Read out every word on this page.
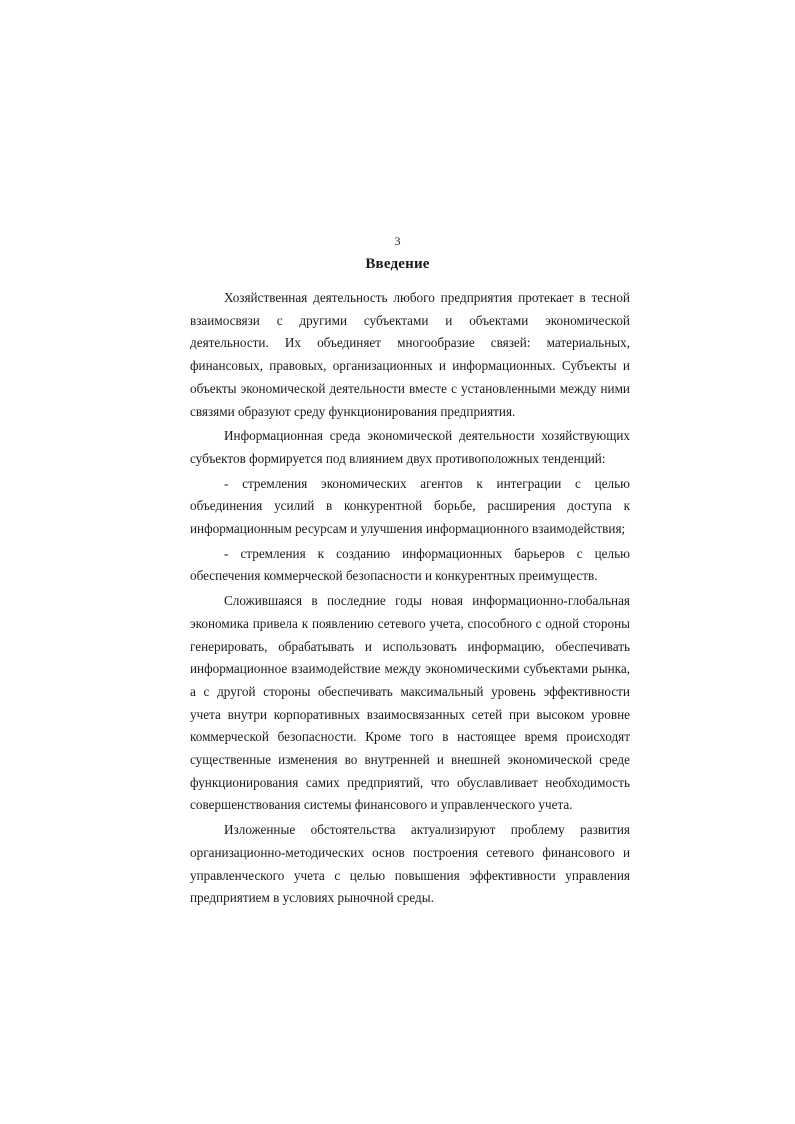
3
Введение

Хозяйственная деятельность любого предприятия протекает в тесной взаимосвязи с другими субъектами и объектами экономической деятельности. Их объединяет многообразие связей: материальных, финансовых, правовых, организационных и информационных. Субъекты и объекты экономической деятельности вместе с установленными между ними связями образуют среду функционирования предприятия.

Информационная среда экономической деятельности хозяйствующих субъектов формируется под влиянием двух противоположных тенденций:

- стремления экономических агентов к интеграции с целью объединения усилий в конкурентной борьбе, расширения доступа к информационным ресурсам и улучшения информационного взаимодействия;

- стремления к созданию информационных барьеров с целью обеспечения коммерческой безопасности и конкурентных преимуществ.

Сложившаяся в последние годы новая информационно-глобальная экономика привела к появлению сетевого учета, способного с одной стороны генерировать, обрабатывать и использовать информацию, обеспечивать информационное взаимодействие между экономическими субъектами рынка, а с другой стороны обеспечивать максимальный уровень эффективности учета внутри корпоративных взаимосвязанных сетей при высоком уровне коммерческой безопасности. Кроме того в настоящее время происходят существенные изменения во внутренней и внешней экономической среде функционирования самих предприятий, что обуславливает необходимость совершенствования системы финансового и управленческого учета.

Изложенные обстоятельства актуализируют проблему развития организационно-методических основ построения сетевого финансового и управленческого учета с целью повышения эффективности управления предприятием в условиях рыночной среды.
